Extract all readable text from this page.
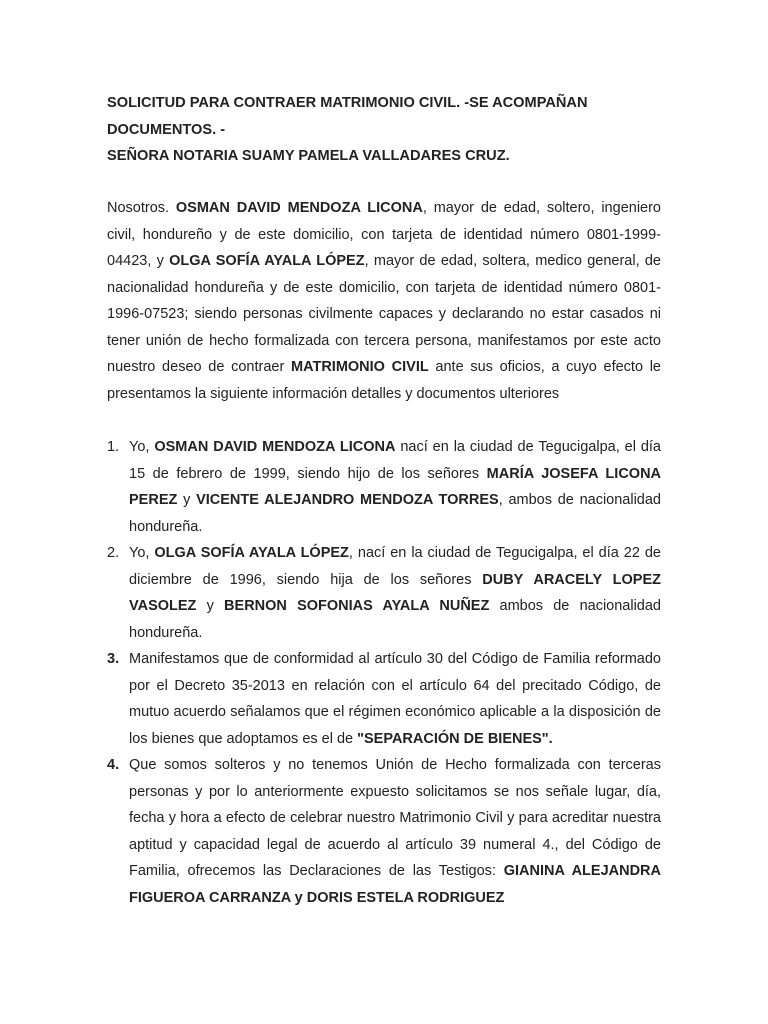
SOLICITUD PARA CONTRAER MATRIMONIO CIVIL. -SE ACOMPAÑAN
DOCUMENTOS. -
SEÑORA NOTARIA SUAMY PAMELA VALLADARES CRUZ.

Nosotros. OSMAN DAVID MENDOZA LICONA, mayor de edad, soltero, ingeniero civil, hondureño y de este domicilio, con tarjeta de identidad número 0801-1999-04423, y OLGA SOFÍA AYALA LÓPEZ, mayor de edad, soltera, medico general, de nacionalidad hondureña y de este domicilio, con tarjeta de identidad número 0801-1996-07523; siendo personas civilmente capaces y declarando no estar casados ni tener unión de hecho formalizada con tercera persona, manifestamos por este acto nuestro deseo de contraer MATRIMONIO CIVIL ante sus oficios, a cuyo efecto le presentamos la siguiente información detalles y documentos ulteriores

1. Yo, OSMAN DAVID MENDOZA LICONA nací en la ciudad de Tegucigalpa, el día 15 de febrero de 1999, siendo hijo de los señores MARÍA JOSEFA LICONA PEREZ y VICENTE ALEJANDRO MENDOZA TORRES, ambos de nacionalidad hondureña.
2. Yo, OLGA SOFÍA AYALA LÓPEZ, nací en la ciudad de Tegucigalpa, el día 22 de diciembre de 1996, siendo hija de los señores DUBY ARACELY LOPEZ VASOLEZ y BERNON SOFONIAS AYALA NUÑEZ ambos de nacionalidad hondureña.
3. Manifestamos que de conformidad al artículo 30 del Código de Familia reformado por el Decreto 35-2013 en relación con el artículo 64 del precitado Código, de mutuo acuerdo señalamos que el régimen económico aplicable a la disposición de los bienes que adoptamos es el de "SEPARACIÓN DE BIENES".
4. Que somos solteros y no tenemos Unión de Hecho formalizada con terceras personas y por lo anteriormente expuesto solicitamos se nos señale lugar, día, fecha y hora a efecto de celebrar nuestro Matrimonio Civil y para acreditar nuestra aptitud y capacidad legal de acuerdo al artículo 39 numeral 4., del Código de Familia, ofrecemos las Declaraciones de las Testigos: GIANINA ALEJANDRA FIGUEROA CARRANZA y DORIS ESTELA RODRIGUEZ
